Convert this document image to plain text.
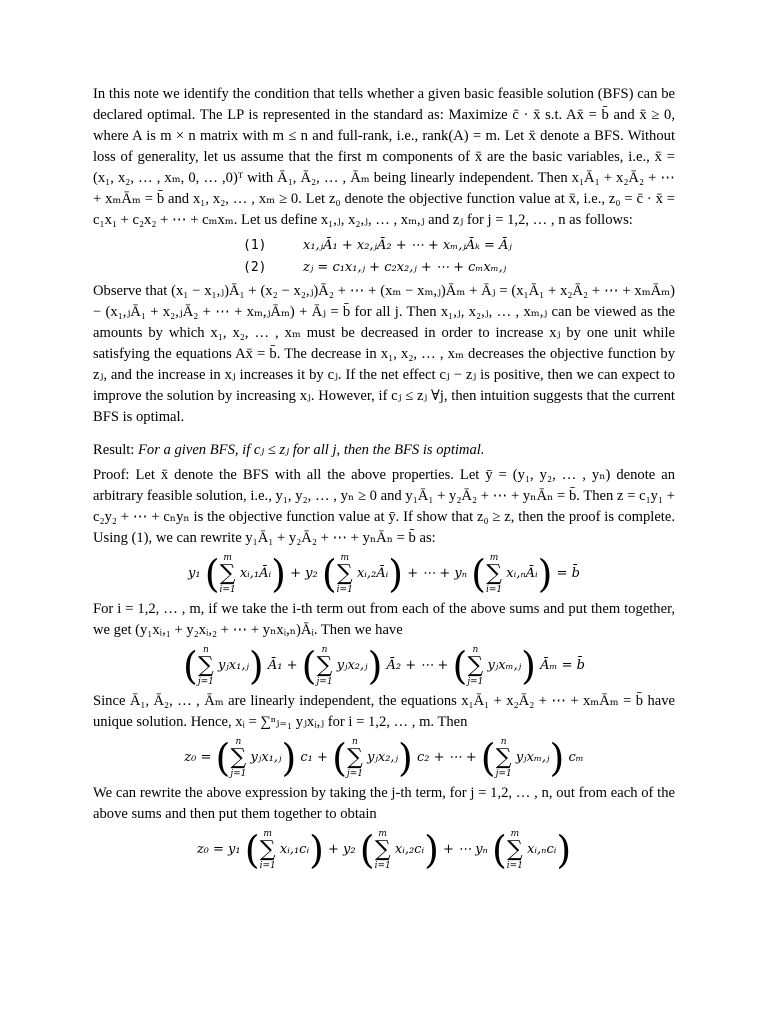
In this note we identify the condition that tells whether a given basic feasible solution (BFS) can be declared optimal. The LP is represented in the standard as: Maximize c̄ · x̄ s.t. Ax̄ = b̄ and x̄ ≥ 0, where A is m × n matrix with m ≤ n and full-rank, i.e., rank(A) = m. Let x̄ denote a BFS. Without loss of generality, let us assume that the first m components of x̄ are the basic variables, i.e., x̄ = (x₁, x₂, … , xₘ, 0, … ,0)ᵀ with Ā₁, Ā₂, … , Āₘ being linearly independent. Then x₁Ā₁ + x₂Ā₂ + ⋯ + xₘĀₘ = b̄ and x₁, x₂, … , xₘ ≥ 0. Let z₀ denote the objective function value at x̄, i.e., z₀ = c̄ · x̄ = c₁x₁ + c₂x₂ + ⋯ + cₘxₘ. Let us define x₁,ⱼ, x₂,ⱼ, … , xₘ,ⱼ and zⱼ for j = 1,2, … , n as follows:

(1)	x₁,ⱼĀ₁ + x₂,ⱼĀ₂ + ⋯ + xₘ,ⱼĀₖ = Āⱼ
(2)	zⱼ = c₁x₁,ⱼ + c₂x₂,ⱼ + ⋯ + cₘxₘ,ⱼ

Observe that (x₁ − x₁,ⱼ)Ā₁ + (x₂ − x₂,ⱼ)Ā₂ + ⋯ + (xₘ − xₘ,ⱼ)Āₘ + Āⱼ = (x₁Ā₁ + x₂Ā₂ + ⋯ + xₘĀₘ) − (x₁,ⱼĀ₁ + x₂,ⱼĀ₂ + ⋯ + xₘ,ⱼĀₘ) + Āⱼ = b̄ for all j. Then x₁,ⱼ, x₂,ⱼ, … , xₘ,ⱼ can be viewed as the amounts by which x₁, x₂, … , xₘ must be decreased in order to increase xⱼ by one unit while satisfying the equations Ax̄ = b̄. The decrease in x₁, x₂, … , xₘ decreases the objective function by zⱼ, and the increase in xⱼ increases it by cⱼ. If the net effect cⱼ − zⱼ is positive, then we can expect to improve the solution by increasing xⱼ. However, if cⱼ ≤ zⱼ ∀j, then intuition suggests that the current BFS is optimal.

Result: For a given BFS, if cⱼ ≤ zⱼ for all j, then the BFS is optimal.

Proof: Let x̄ denote the BFS with all the above properties. Let ȳ = (y₁, y₂, … , yₙ) denote an arbitrary feasible solution, i.e., y₁, y₂, … , yₙ ≥ 0 and y₁Ā₁ + y₂Ā₂ + ⋯ + yₙĀₙ = b̄. Then z = c₁y₁ + c₂y₂ + ⋯ + cₙyₙ is the objective function value at ȳ. If show that z₀ ≥ z, then the proof is complete. Using (1), we can rewrite y₁Ā₁ + y₂Ā₂ + ⋯ + yₙĀₙ = b̄ as:

y₁ ( m
∑
i=1
xᵢ,₁Āᵢ) + y₂ ( m
∑
i=1
xᵢ,₂Āᵢ) + ⋯ + yₙ ( m
∑
i=1
xᵢ,ₙĀᵢ) = b̄

For i = 1,2, … , m, if we take the i-th term out from each of the above sums and put them together, we get (y₁xᵢ,₁ + y₂xᵢ,₂ + ⋯ + yₙxᵢ,ₙ)Āᵢ. Then we have

( n
∑
j=1
yⱼx₁,ⱼ) Ā₁ + ( n
∑
j=1
yⱼx₂,ⱼ) Ā₂ + ⋯ + ( n
∑
j=1
yⱼxₘ,ⱼ) Āₘ = b̄

Since Ā₁, Ā₂, … , Āₘ are linearly independent, the equations x₁Ā₁ + x₂Ā₂ + ⋯ + xₘĀₘ = b̄ have unique solution. Hence, xᵢ = ∑ⁿⱼ₌₁ yⱼxᵢ,ⱼ for i = 1,2, … , m. Then

z₀ = ( n
∑
j=1
yⱼx₁,ⱼ) c₁ + ( n
∑
j=1
yⱼx₂,ⱼ) c₂ + ⋯ + ( n
∑
j=1
yⱼxₘ,ⱼ) cₘ

We can rewrite the above expression by taking the j-th term, for j = 1,2, … , n, out from each of the above sums and then put them together to obtain

z₀ = y₁ ( m
∑
i=1
xᵢ,₁cᵢ) + y₂ ( m
∑
i=1
xᵢ,₂cᵢ) + ⋯ yₙ ( m
∑
i=1
xᵢ,ₙcᵢ)
